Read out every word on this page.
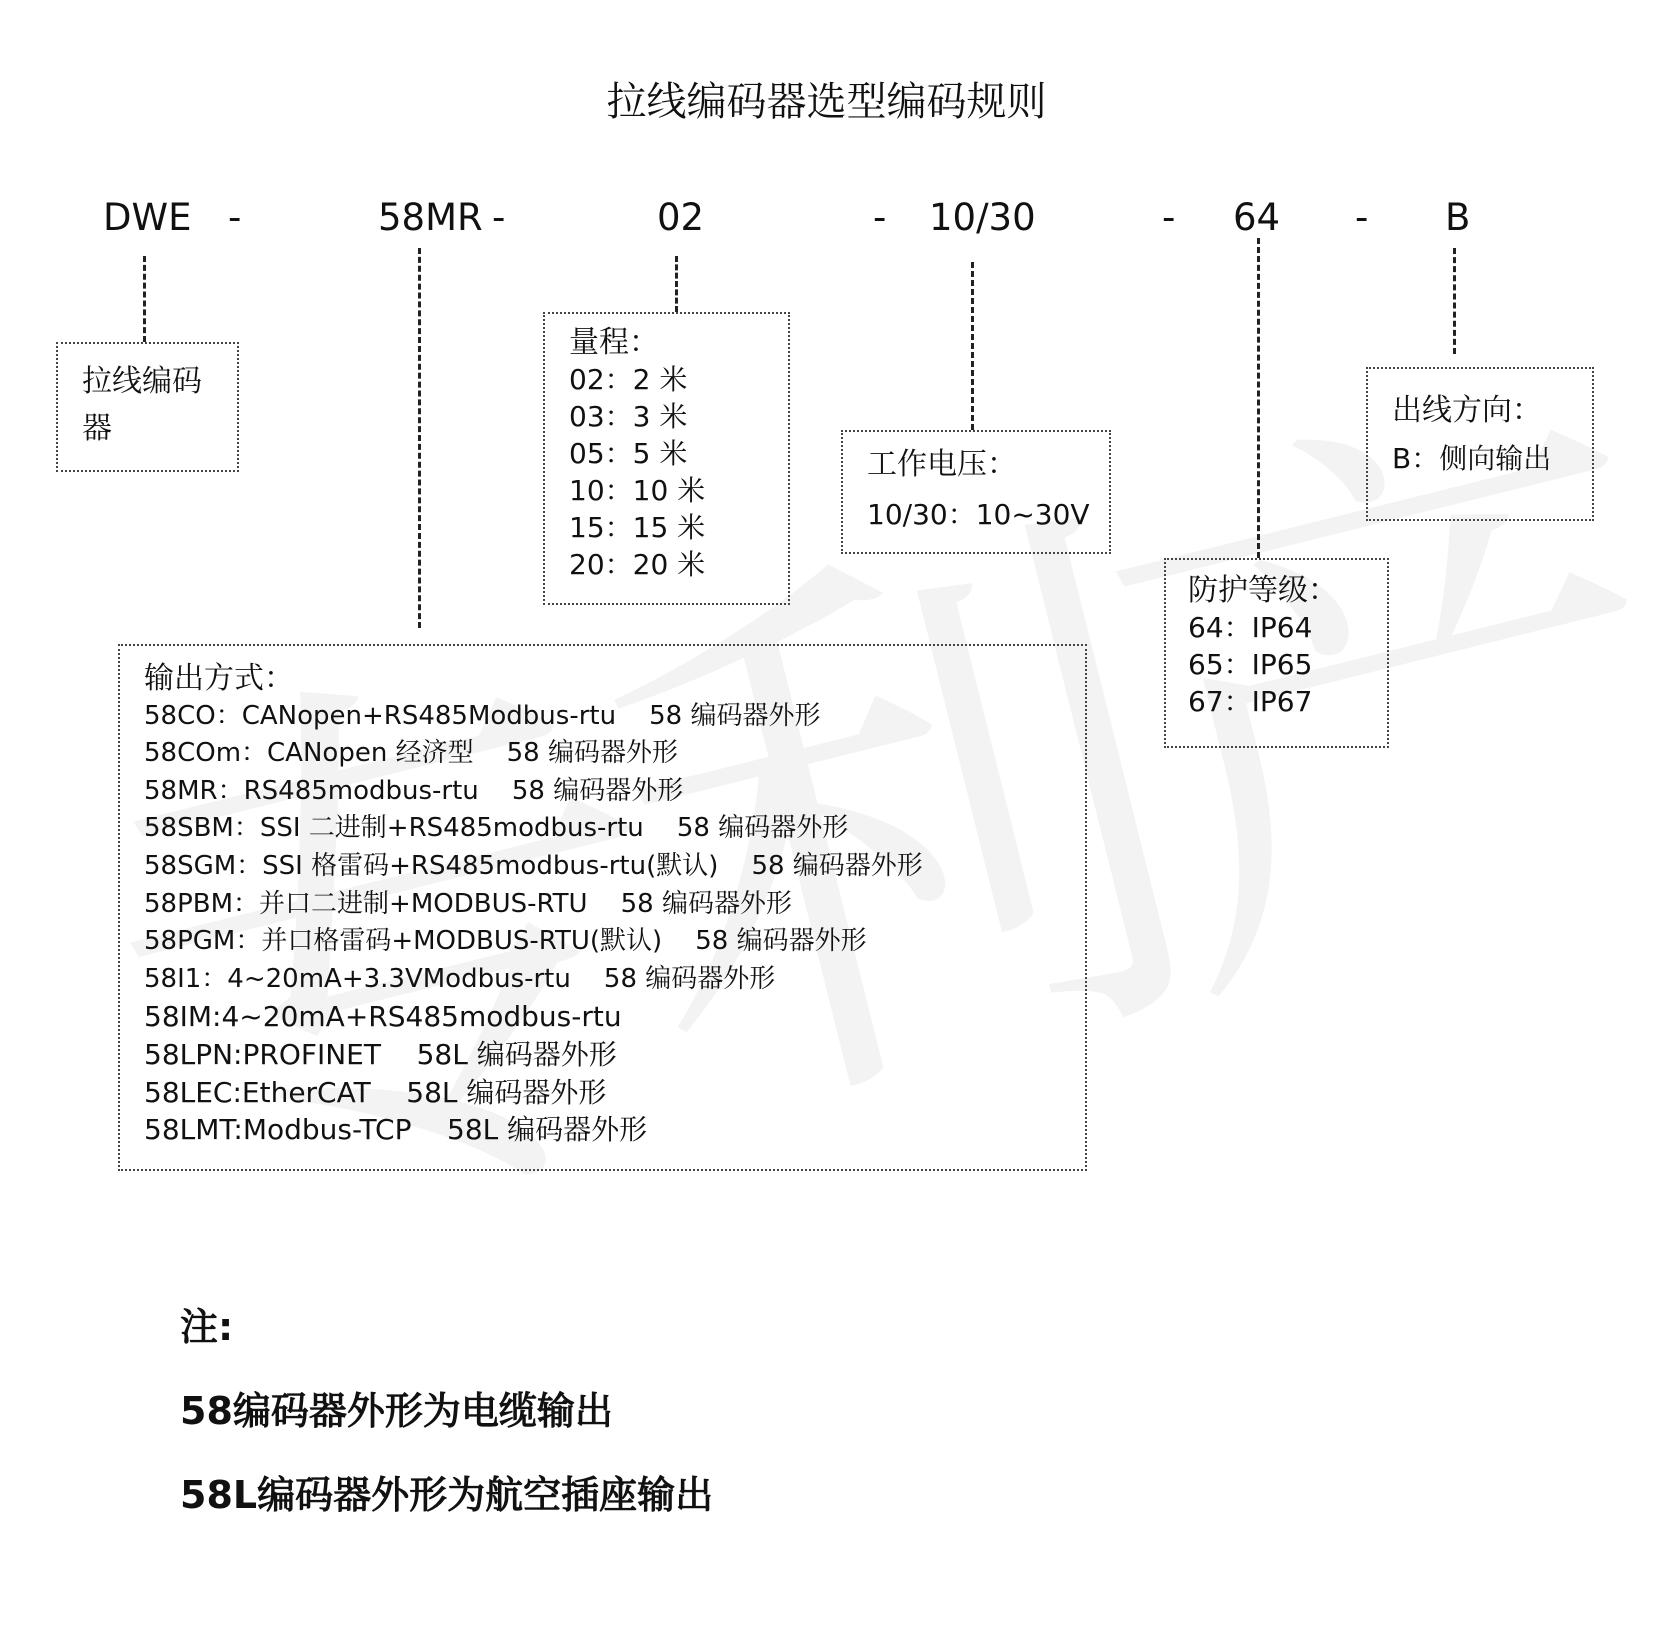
拉线编码器选型编码规则
DWE -	58MR -	02	- 10/30	- 64 - B
拉线编码
器
量程：
02：2 米
03：3 米
05：5 米
10：10 米
15：15 米
20：20 米
工作电压：
10/30：10~30V
出线方向：
B：侧向输出
防护等级：
64：IP64
65：IP65
67：IP67
输出方式：
58CO：CANopen+RS485Modbus-rtu    58 编码器外形
58COm：CANopen 经济型    58 编码器外形
58MR：RS485modbus-rtu    58 编码器外形
58SBM：SSI 二进制+RS485modbus-rtu    58 编码器外形
58SGM：SSI 格雷码+RS485modbus-rtu(默认)    58 编码器外形
58PBM：并口二进制+MODBUS-RTU    58 编码器外形
58PGM：并口格雷码+MODBUS-RTU(默认)    58 编码器外形
58I1：4~20mA+3.3VModbus-rtu    58 编码器外形
58IM:4~20mA+RS485modbus-rtu
58LPN:PROFINET    58L 编码器外形
58LEC:EtherCAT    58L 编码器外形
58LMT:Modbus-TCP    58L 编码器外形
注:
58编码器外形为电缆输出
58L编码器外形为航空插座输出
